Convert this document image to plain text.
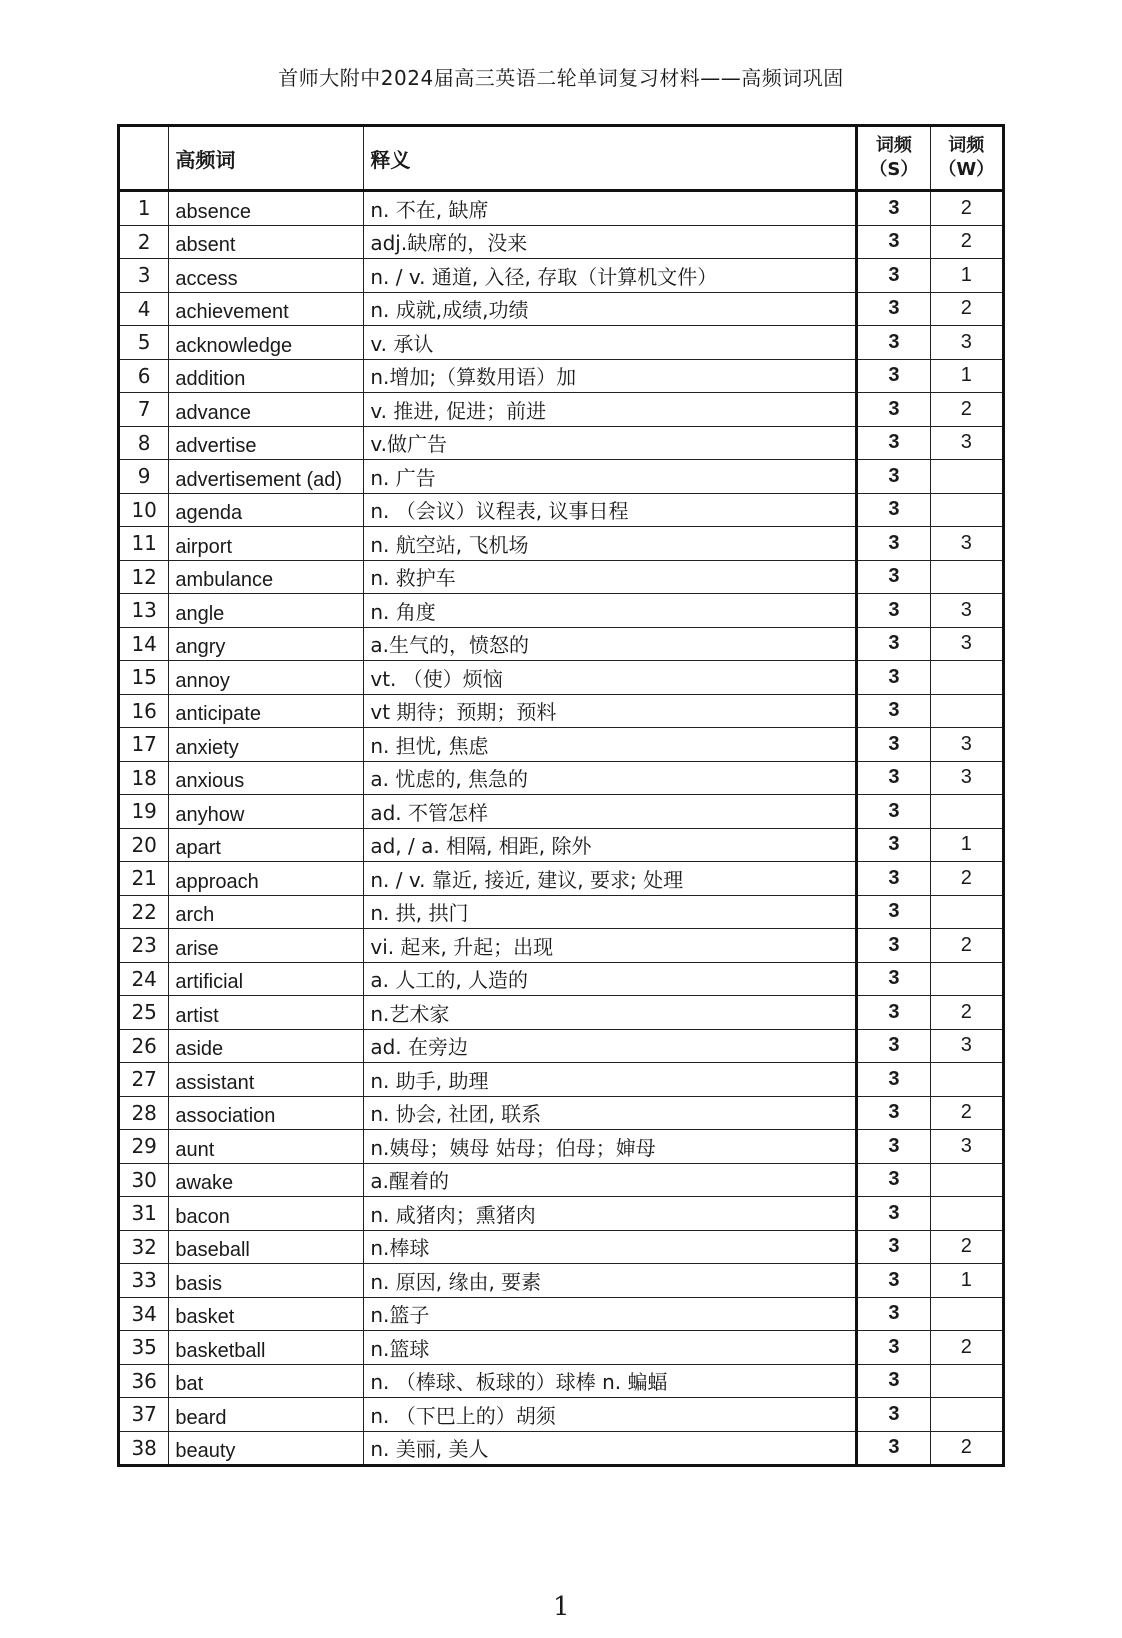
首师大附中2024届高三英语二轮单词复习材料——高频词巩固
	高频词	释义	词频（S）	词频（W）
1	absence	n. 不在, 缺席	3	2
2	absent	adj.缺席的，没来	3	2
3	access	n. / v. 通道, 入径, 存取（计算机文件）	3	1
4	achievement	n. 成就,成绩,功绩	3	2
5	acknowledge	v. 承认	3	3
6	addition	n.增加;（算数用语）加	3	1
7	advance	v. 推进, 促进；前进	3	2
8	advertise	v.做广告	3	3
9	advertisement (ad)	n. 广告	3	
10	agenda	n. （会议）议程表, 议事日程	3	
11	airport	n. 航空站, 飞机场	3	3
12	ambulance	n. 救护车	3	
13	angle	n. 角度	3	3
14	angry	a.生气的，愤怒的	3	3
15	annoy	vt. （使）烦恼	3	
16	anticipate	vt 期待；预期；预料	3	
17	anxiety	n. 担忧, 焦虑	3	3
18	anxious	a. 忧虑的, 焦急的	3	3
19	anyhow	ad. 不管怎样	3	
20	apart	ad, / a. 相隔, 相距, 除外	3	1
21	approach	n. / v. 靠近, 接近, 建议, 要求; 处理	3	2
22	arch	n. 拱, 拱门	3	
23	arise	vi. 起来, 升起；出现	3	2
24	artificial	a. 人工的, 人造的	3	
25	artist	n.艺术家	3	2
26	aside	ad. 在旁边	3	3
27	assistant	n. 助手, 助理	3	
28	association	n. 协会, 社团, 联系	3	2
29	aunt	n.姨母；姨母 姑母；伯母；婶母	3	3
30	awake	a.醒着的	3	
31	bacon	n. 咸猪肉；熏猪肉	3	
32	baseball	n.棒球	3	2
33	basis	n. 原因, 缘由, 要素	3	1
34	basket	n.篮子	3	
35	basketball	n.篮球	3	2
36	bat	n. （棒球、板球的）球棒 n. 蝙蝠	3	
37	beard	n. （下巴上的）胡须	3	
38	beauty	n. 美丽, 美人	3	2
1
